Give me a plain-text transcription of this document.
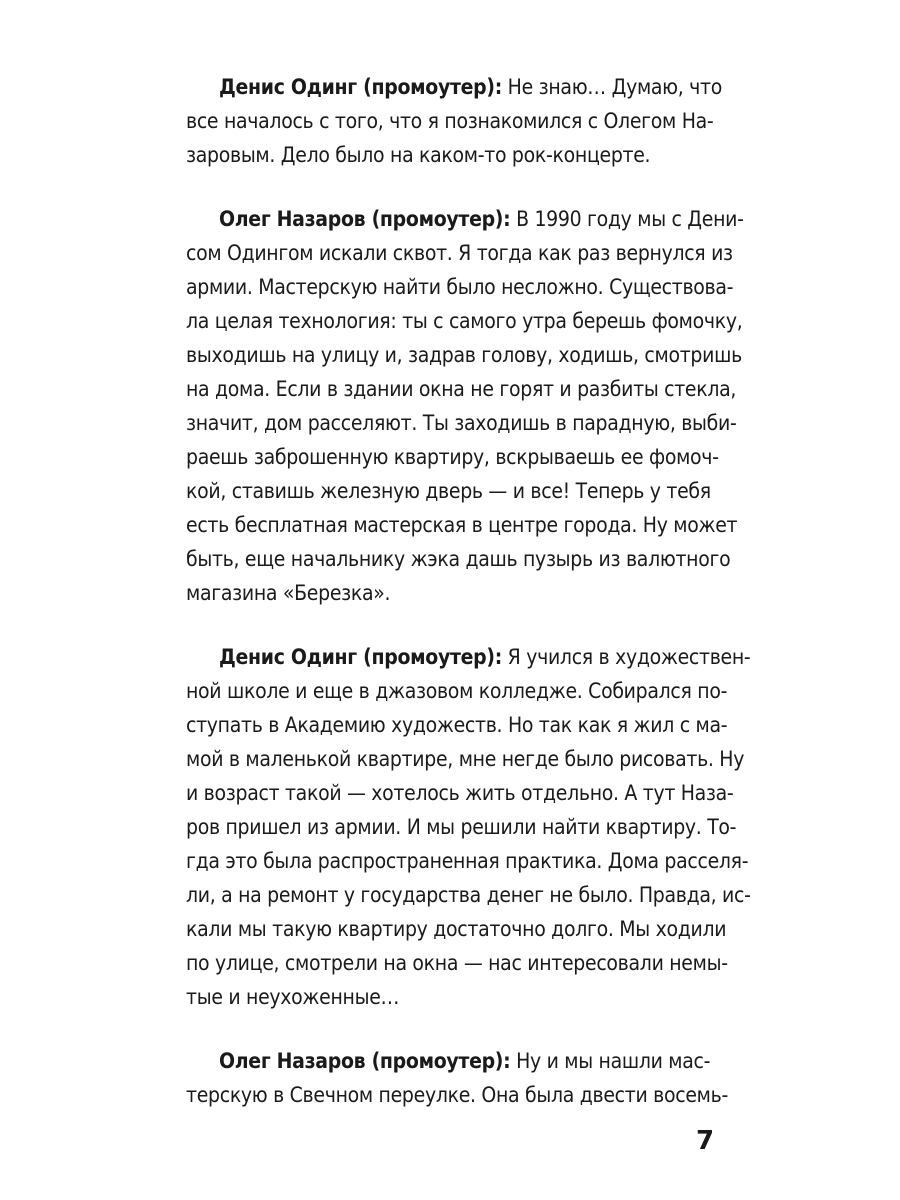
Денис Одинг (промоутер): Не знаю… Думаю, что
все началось с того, что я познакомился с Олегом На-
заровым. Дело было на каком-то рок-концерте.
Олег Назаров (промоутер): В 1990 году мы с Дени-
сом Одингом искали сквот. Я тогда как раз вернулся из
армии. Мастерскую найти было несложно. Существова-
ла целая технология: ты с самого утра берешь фомочку,
выходишь на улицу и, задрав голову, ходишь, смотришь
на дома. Если в здании окна не горят и разбиты стекла,
значит, дом расселяют. Ты заходишь в парадную, выби-
раешь заброшенную квартиру, вскрываешь ее фомоч-
кой, ставишь железную дверь — и все! Теперь у тебя
есть бесплатная мастерская в центре города. Ну может
быть, еще начальнику жэка дашь пузырь из валютного
магазина «Березка».
Денис Одинг (промоутер): Я учился в художествен-
ной школе и еще в джазовом колледже. Собирался по-
ступать в Академию художеств. Но так как я жил с ма-
мой в маленькой квартире, мне негде было рисовать. Ну
и возраст такой — хотелось жить отдельно. А тут Наза-
ров пришел из армии. И мы решили найти квартиру. То-
гда это была распространенная практика. Дома расселя-
ли, а на ремонт у государства денег не было. Правда, ис-
кали мы такую квартиру достаточно долго. Мы ходили
по улице, смотрели на окна — нас интересовали немы-
тые и неухоженные…
Олег Назаров (промоутер): Ну и мы нашли мас-
терскую в Свечном переулке. Она была двести восемь-
7
